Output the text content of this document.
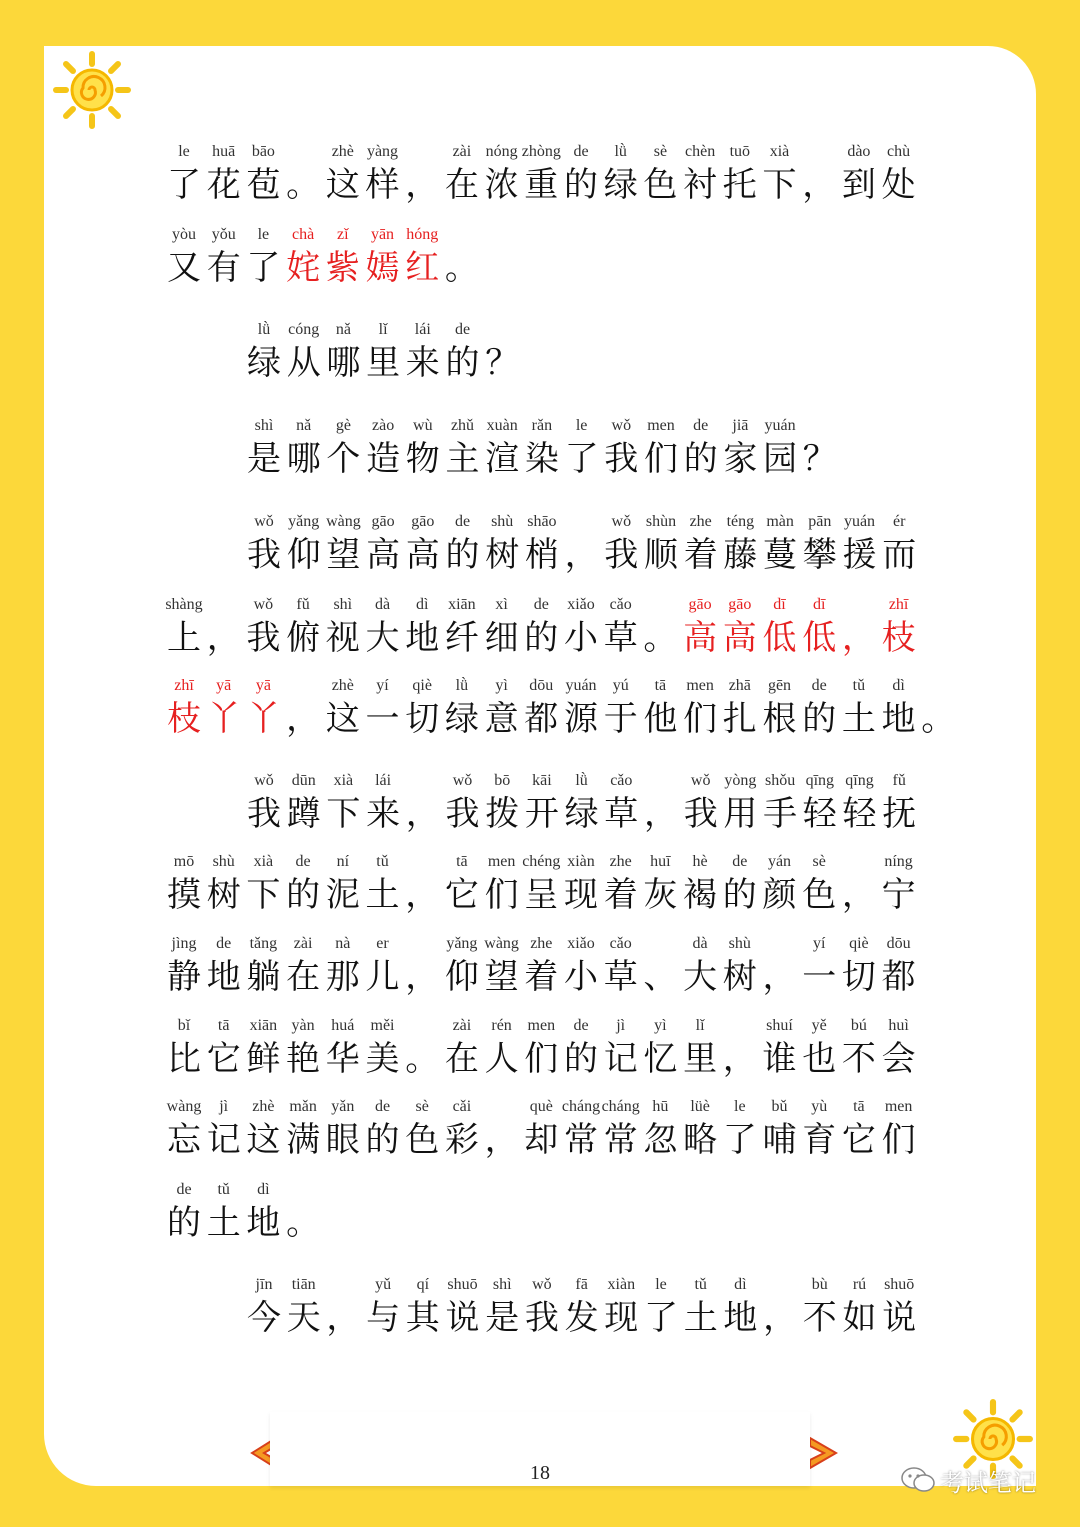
le
了
huā
花
bāo
苞 。
zhè
这
yàng
样 ，
zài
在
nóng
浓
zhòng
重
de
的
lǜ
绿
sè
色
chèn
衬
tuō
托
xià
下 ，
dào
到
chù
处
yòu
又
yǒu
有
le
了
chà
姹
zǐ
紫
yān
嫣
hóng
红 。
lǜ
绿
cóng
从
nǎ
哪
lǐ
里
lái
来
de
的 ？
shì
是
nǎ
哪
gè
个
zào
造
wù
物
zhǔ
主
xuàn
渲
rǎn
染
le
了
wǒ
我
men
们
de
的
jiā
家
yuán
园 ？
wǒ
我
yǎng
仰
wàng
望
gāo
高
gāo
高
de
的
shù
树
shāo
梢 ，
wǒ
我
shùn
顺
zhe
着
téng
藤
màn
蔓
pān
攀
yuán
援
ér
而
shàng
上 ，
wǒ
我
fǔ
俯
shì
视
dà
大
dì
地
xiān
纤
xì
细
de
的
xiǎo
小
cǎo
草 。
gāo
高
gāo
高
dī
低
dī
低 ，
zhī
枝
zhī
枝
yā
丫
yā
丫 ，
zhè
这
yí
一
qiè
切
lǜ
绿
yì
意
dōu
都
yuán
源
yú
于
tā
他
men
们
zhā
扎
gēn
根
de
的
tǔ
土
dì
地 。
wǒ
我
dūn
蹲
xià
下
lái
来 ，
wǒ
我
bō
拨
kāi
开
lǜ
绿
cǎo
草 ，
wǒ
我
yòng
用
shǒu
手
qīng
轻
qīng
轻
fǔ
抚
mō
摸
shù
树
xià
下
de
的
ní
泥
tǔ
土 ，
tā
它
men
们
chéng
呈
xiàn
现
zhe
着
huī
灰
hè
褐
de
的
yán
颜
sè
色 ，
níng
宁
jìng
静
de
地
tǎng
躺
zài
在
nà
那
er
儿 ，
yǎng
仰
wàng
望
zhe
着
xiǎo
小
cǎo
草 、
dà
大
shù
树 ，
yí
一
qiè
切
dōu
都
bǐ
比
tā
它
xiān
鲜
yàn
艳
huá
华
měi
美 。
zài
在
rén
人
men
们
de
的
jì
记
yì
忆
lǐ
里 ，
shuí
谁
yě
也
bú
不
huì
会
wàng
忘
jì
记
zhè
这
mǎn
满
yǎn
眼
de
的
sè
色
cǎi
彩 ，
què
却
cháng
常
cháng
常
hū
忽
lüè
略
le
了
bǔ
哺
yù
育
tā
它
men
们
de
的
tǔ
土
dì
地 。
jīn
今
tiān
天 ，
yǔ
与
qí
其
shuō
说
shì
是
wǒ
我
fā
发
xiàn
现
le
了
tǔ
土
dì
地 ，
bù
不
rú
如
shuō
说
18	考试笔记
